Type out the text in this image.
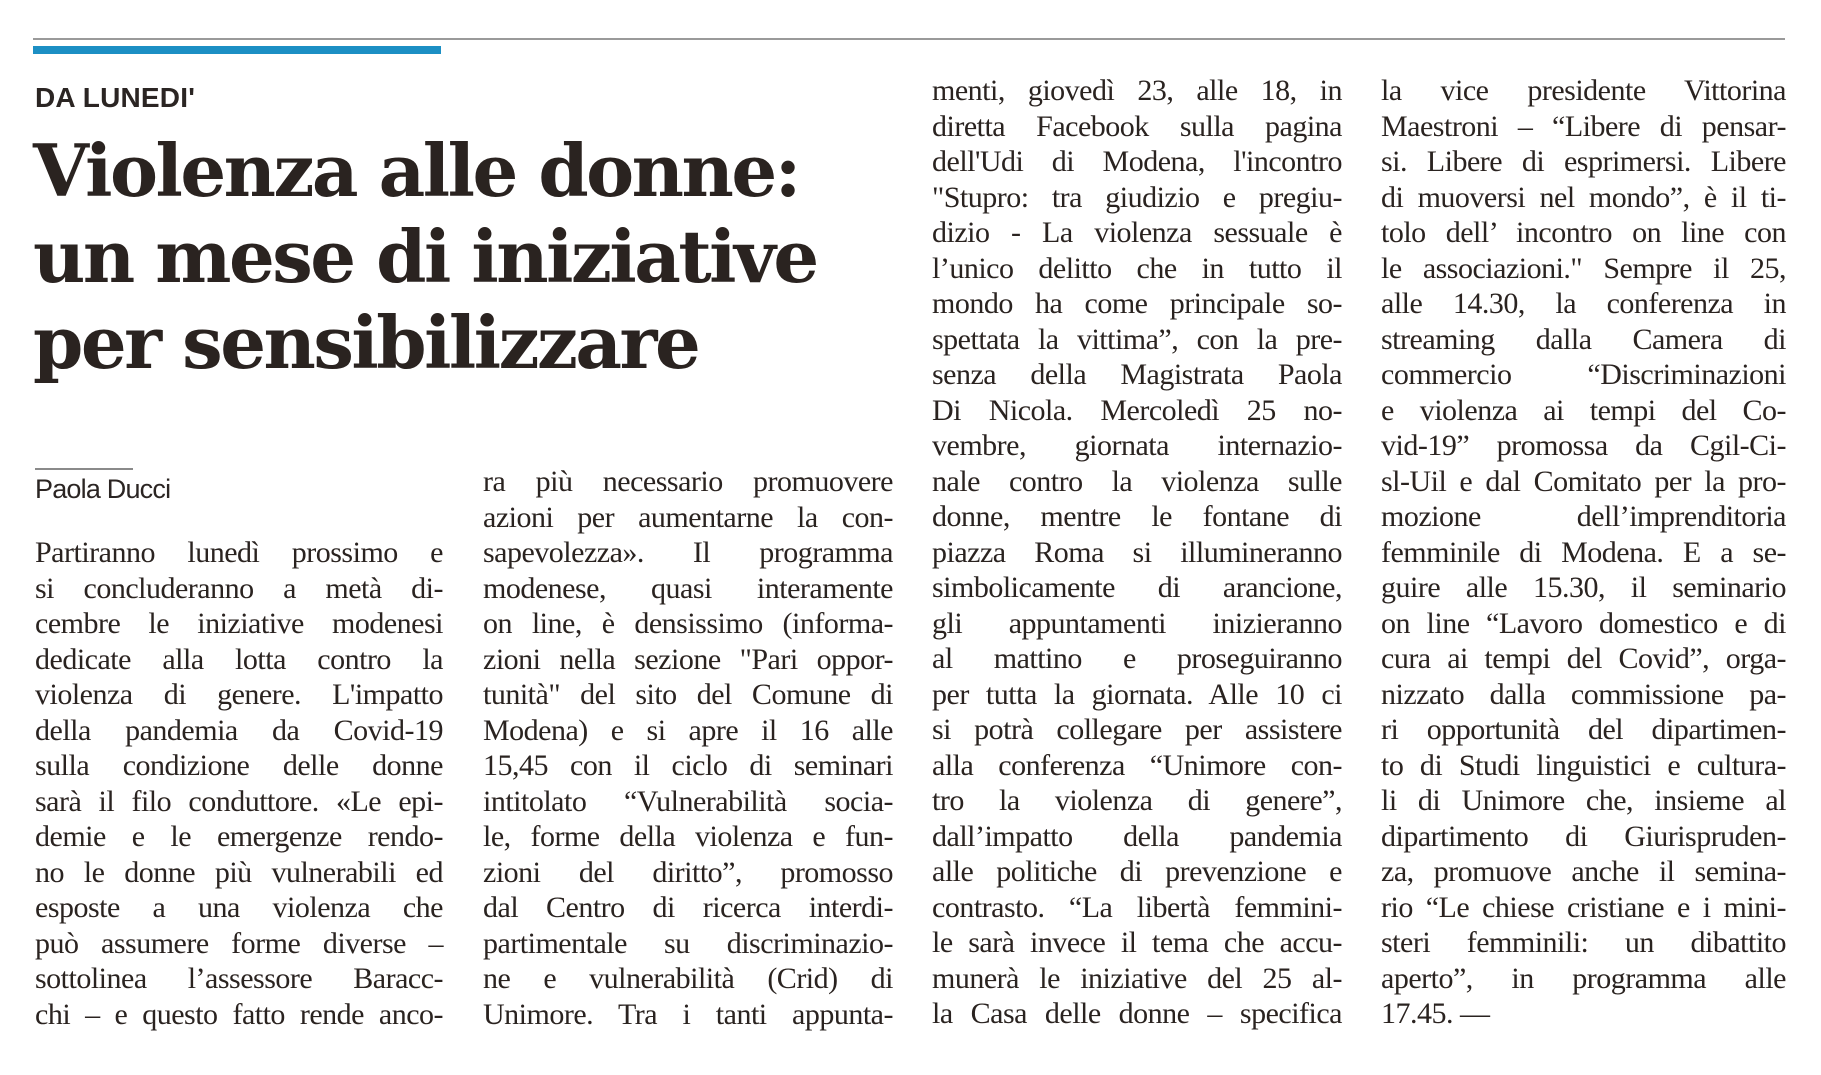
DA LUNEDI'
Violenza alle donne:
un mese di iniziative
per sensibilizzare
Paola Ducci
Partiranno lunedì prossimo e
si concluderanno a metà di-
cembre le iniziative modenesi
dedicate alla lotta contro la
violenza di genere. L'impatto
della pandemia da Covid-19
sulla condizione delle donne
sarà il filo conduttore. «Le epi-
demie e le emergenze rendo-
no le donne più vulnerabili ed
esposte a una violenza che
può assumere forme diverse –
sottolinea l’assessore Baracc-
chi – e questo fatto rende anco-
ra più necessario promuovere
azioni per aumentarne la con-
sapevolezza». Il programma
modenese, quasi interamente
on line, è densissimo (informa-
zioni nella sezione "Pari oppor-
tunità" del sito del Comune di
Modena) e si apre il 16 alle
15,45 con il ciclo di seminari
intitolato “Vulnerabilità socia-
le, forme della violenza e fun-
zioni del diritto”, promosso
dal Centro di ricerca interdi-
partimentale su discriminazio-
ne e vulnerabilità (Crid) di
Unimore. Tra i tanti appunta-
menti, giovedì 23, alle 18, in
diretta Facebook sulla pagina
dell'Udi di Modena, l'incontro
"Stupro: tra giudizio e pregiu-
dizio - La violenza sessuale è
l’unico delitto che in tutto il
mondo ha come principale so-
spettata la vittima”, con la pre-
senza della Magistrata Paola
Di Nicola. Mercoledì 25 no-
vembre, giornata internazio-
nale contro la violenza sulle
donne, mentre le fontane di
piazza Roma si illumineranno
simbolicamente di arancione,
gli appuntamenti inizieranno
al mattino e proseguiranno
per tutta la giornata. Alle 10 ci
si potrà collegare per assistere
alla conferenza “Unimore con-
tro la violenza di genere”,
dall’impatto della pandemia
alle politiche di prevenzione e
contrasto. “La libertà femmini-
le sarà invece il tema che accu-
munerà le iniziative del 25 al-
la Casa delle donne – specifica
la vice presidente Vittorina
Maestroni – “Libere di pensar-
si. Libere di esprimersi. Libere
di muoversi nel mondo”, è il ti-
tolo dell’ incontro on line con
le associazioni." Sempre il 25,
alle 14.30, la conferenza in
streaming dalla Camera di
commercio “Discriminazioni
e violenza ai tempi del Co-
vid-19” promossa da Cgil-Ci-
sl-Uil e dal Comitato per la pro-
mozione dell’imprenditoria
femminile di Modena. E a se-
guire alle 15.30, il seminario
on line “Lavoro domestico e di
cura ai tempi del Covid”, orga-
nizzato dalla commissione pa-
ri opportunità del dipartimen-
to di Studi linguistici e cultura-
li di Unimore che, insieme al
dipartimento di Giurispruden-
za, promuove anche il semina-
rio “Le chiese cristiane e i mini-
steri femminili: un dibattito
aperto”, in programma alle
17.45. —
